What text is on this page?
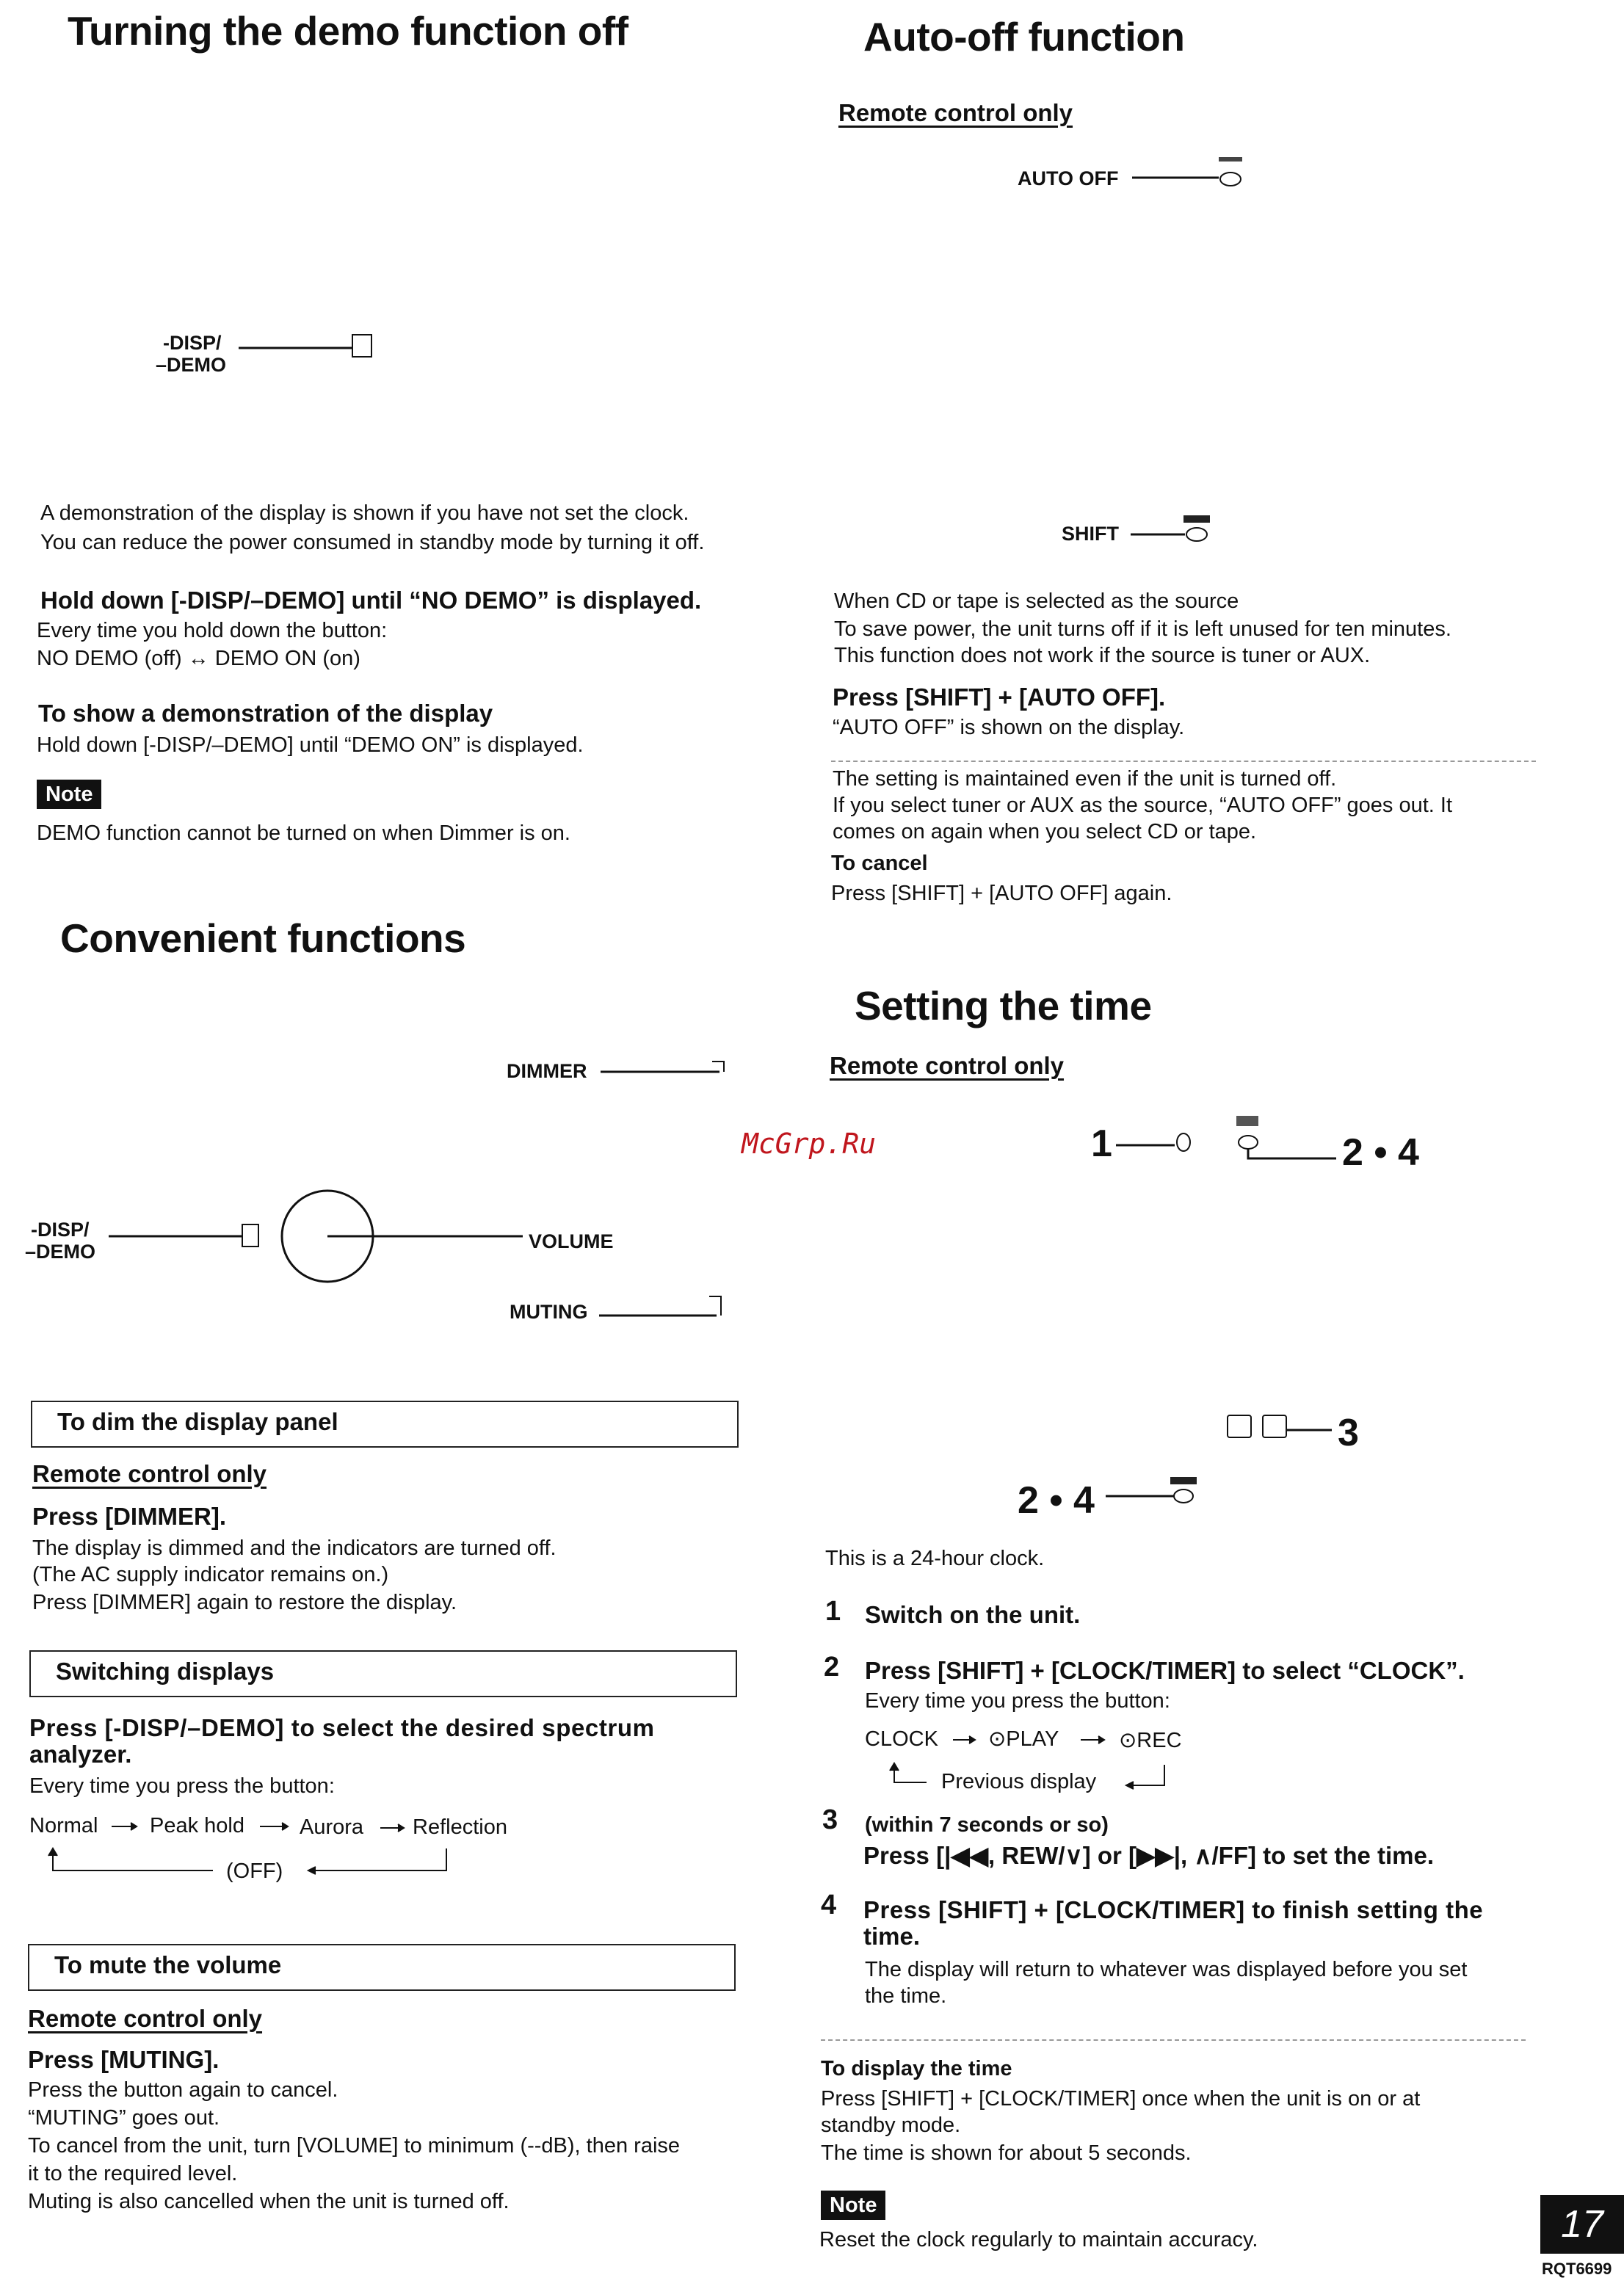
Turning the demo function off
-DISP/
–DEMO
A demonstration of the display is shown if you have not set the clock.
You can reduce the power consumed in standby mode by turning it off.
Hold down [-DISP/–DEMO] until “NO DEMO” is displayed.
Every time you hold down the button:
NO DEMO (off) ↔ DEMO ON (on)
To show a demonstration of the display
Hold down [-DISP/–DEMO] until “DEMO ON” is displayed.
Note
DEMO function cannot be turned on when Dimmer is on.
Convenient functions
DIMMER
-DISP/
–DEMO	VOLUME
MUTING
To dim the display panel
Remote control only
Press [DIMMER].
The display is dimmed and the indicators are turned off.
(The AC supply indicator remains on.)
Press [DIMMER] again to restore the display.
Switching displays
Press [-DISP/–DEMO] to select the desired spectrum
analyzer.
Every time you press the button:
Normal Peak hold	Aurora Reflection
(OFF)
To mute the volume
Remote control only
Press [MUTING].
Press the button again to cancel.
“MUTING” goes out.
To cancel from the unit, turn [VOLUME] to minimum (--dB), then raise
it to the required level.
Muting is also cancelled when the unit is turned off.
Auto-off function
Remote control only
AUTO OFF
SHIFT
When CD or tape is selected as the source
To save power, the unit turns off if it is left unused for ten minutes.
This function does not work if the source is tuner or AUX.
Press [SHIFT] + [AUTO OFF].
“AUTO OFF” is shown on the display.
The setting is maintained even if the unit is turned off.
If you select tuner or AUX as the source, “AUTO OFF” goes out. It
comes on again when you select CD or tape.
To cancel
Press [SHIFT] + [AUTO OFF] again.
Setting the time
Remote control only
1	2 • 4
3
2 • 4
This is a 24-hour clock.
1 Switch on the unit.
2 Press [SHIFT] + [CLOCK/TIMER] to select “CLOCK”.
Every time you press the button:
CLOCK ⊙PLAY	⊙REC
Previous display
3 (within 7 seconds or so)
Press [|◀◀, REW/∨] or [▶▶|, ∧/FF] to set the time.
4 Press [SHIFT] + [CLOCK/TIMER] to finish setting the
time.
The display will return to whatever was displayed before you set
the time.
To display the time
Press [SHIFT] + [CLOCK/TIMER] once when the unit is on or at
standby mode.
The time is shown for about 5 seconds.
Note
Reset the clock regularly to maintain accuracy.
McGrp.Ru
17
RQT6699
